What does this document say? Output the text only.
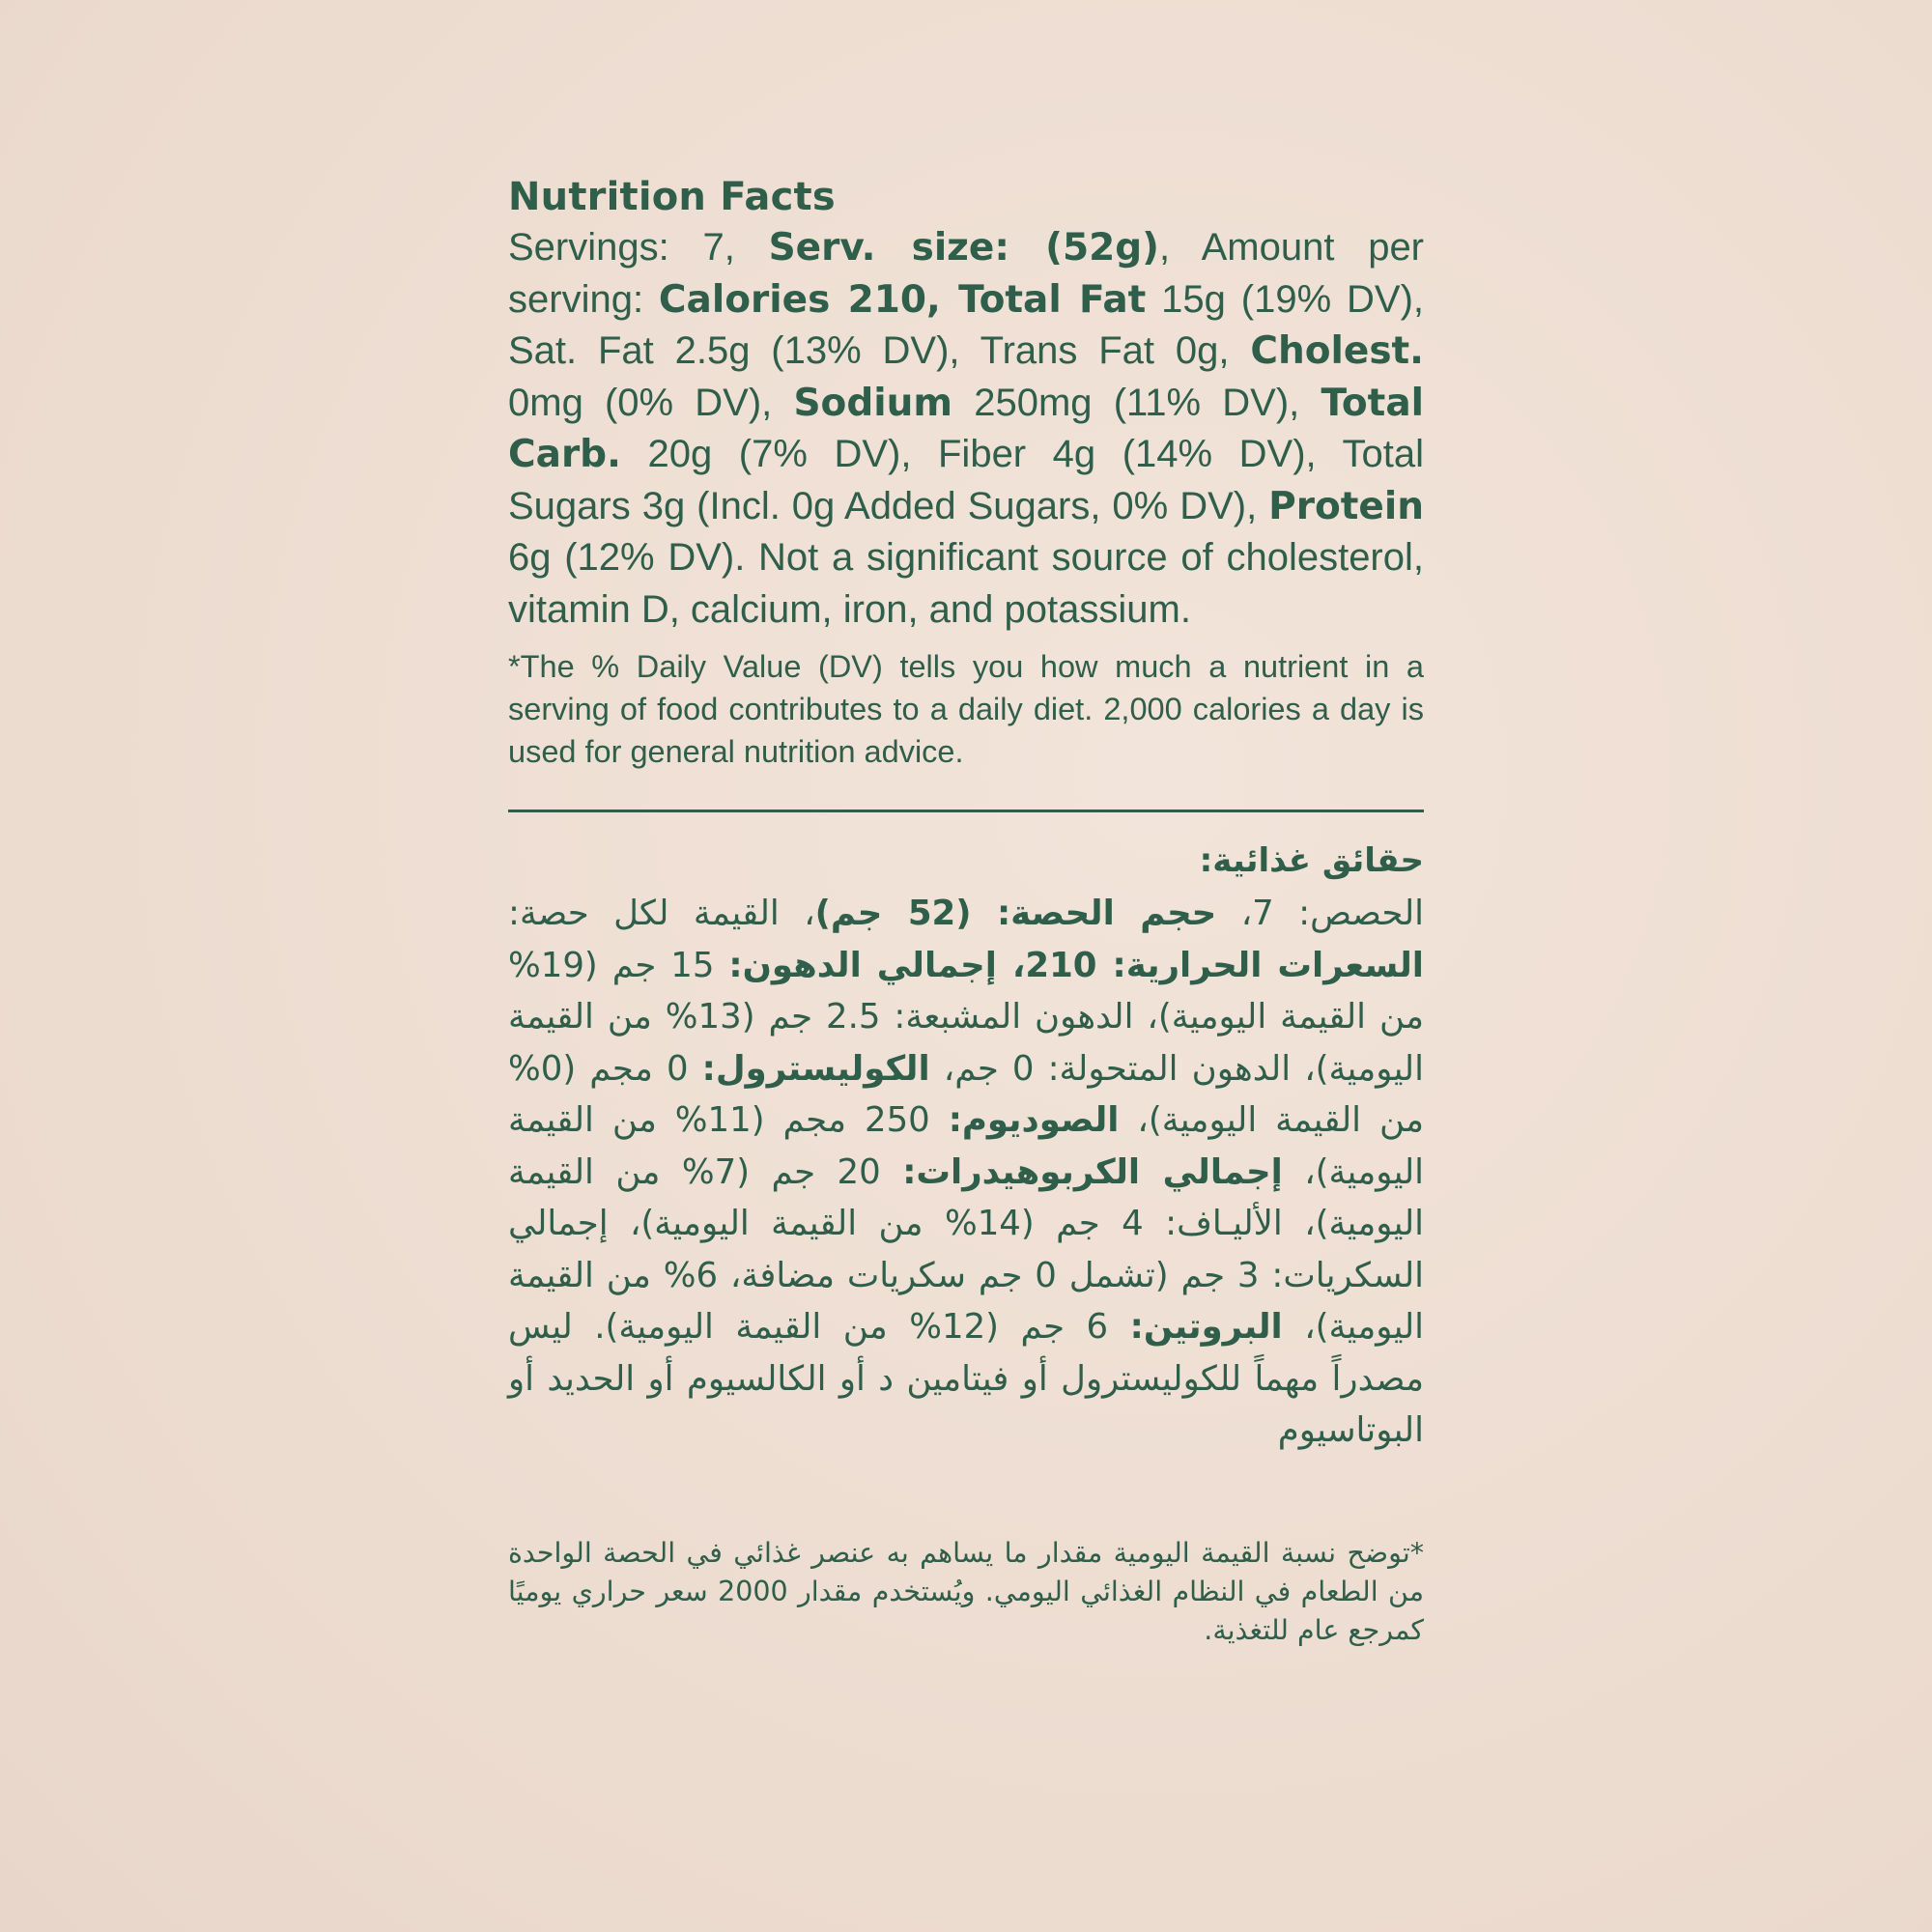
Nutrition Facts

Servings: 7, Serv. size: (52g), Amount per serving: Calories 210, Total Fat 15g (19% DV), Sat. Fat 2.5g (13% DV), Trans Fat 0g, Cholest. 0mg (0% DV), Sodium 250mg (11% DV), Total Carb. 20g (7% DV), Fiber 4g (14% DV), Total Sugars 3g (Incl. 0g Added Sugars, 0% DV), Protein 6g (12% DV). Not a significant source of cholesterol, vitamin D, calcium, iron, and potassium.

*The % Daily Value (DV) tells you how much a nutrient in a serving of food contributes to a daily diet. 2,000 calories a day is used for general nutrition advice.

حقائق غذائية:

الحصص: 7، حجم الحصة: (52 جم)، القيمة لكل حصة: السعرات الحرارية: 210، إجمالي الدهون: 15 جم (19% من القيمة اليومية)، الدهون المشبعة: 2.5 جم (13% من القيمة اليومية)، الدهون المتحولة: 0 جم، الكوليسترول: 0 مجم (0% من القيمة اليومية)، الصوديوم: 250 مجم (11% من القيمة اليومية)، إجمالي الكربوهيدرات: 20 جم (7% من القيمة اليومية)، الأليـاف: 4 جم (14% من القيمة اليومية)، إجمالي السكريات: 3 جم (تشمل 0 جم سكريات مضافة، 6% من القيمة اليومية)، البروتين: 6 جم (12% من القيمة اليومية). ليس مصدراً مهماً للكوليسترول أو فيتامين د أو الكالسيوم أو الحديد أو البوتاسيوم

*توضح نسبة القيمة اليومية مقدار ما يساهم به عنصر غذائي في الحصة الواحدة من الطعام في النظام الغذائي اليومي. ويُستخدم مقدار 2000 سعر حراري يوميًا كمرجع عام للتغذية.
